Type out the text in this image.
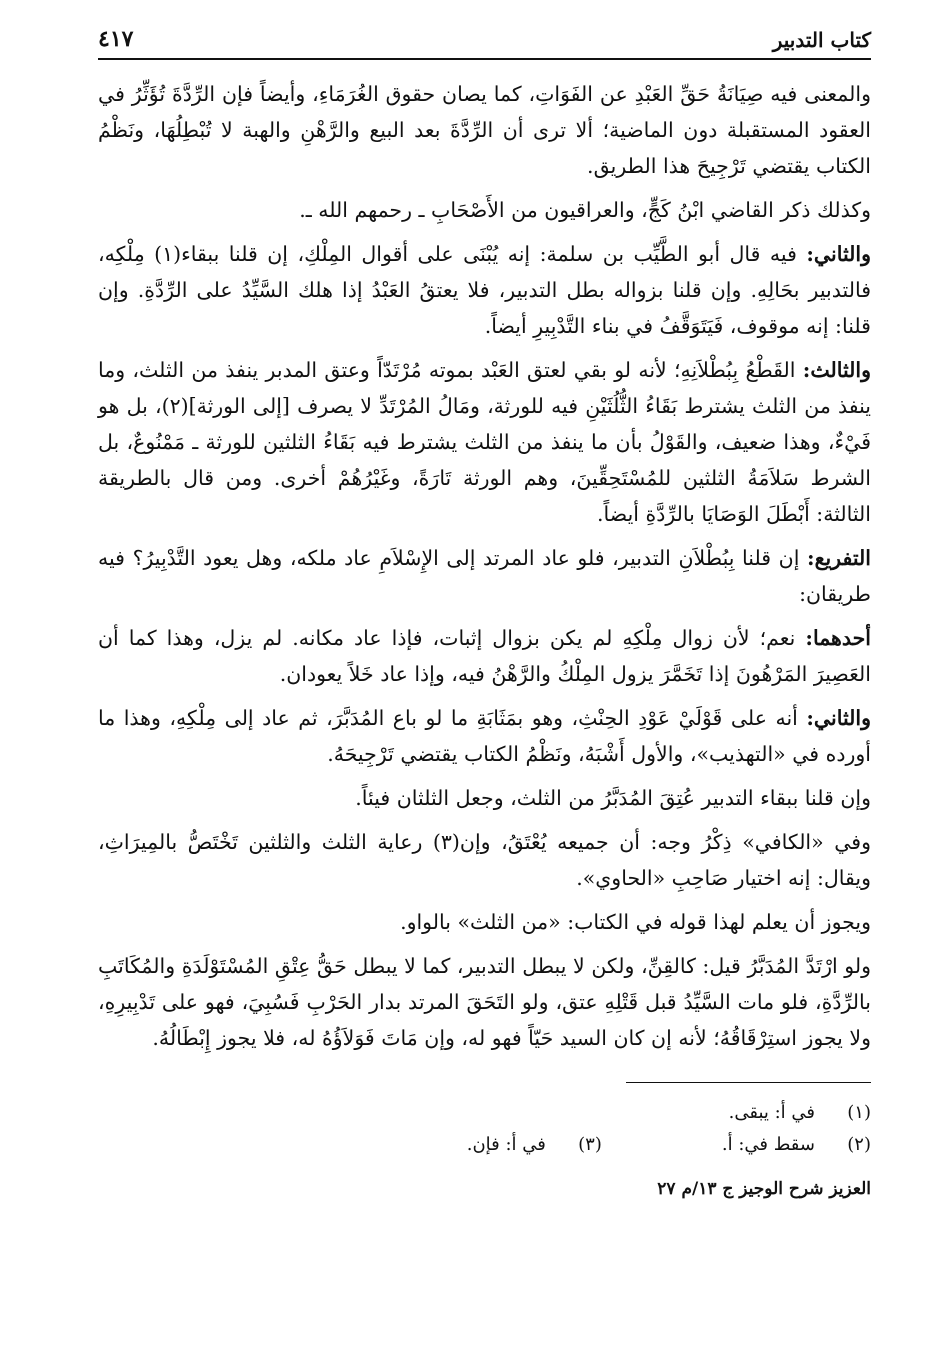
كتاب التدبير
٤١٧

والمعنى فيه صِيَانَةُ حَقِّ العَبْدِ عن الفَوَاتِ، كما يصان حقوق الغُرَمَاءِ، وأيضاً فإن الرِّدَّةَ تُؤَثِّرُ في العقود المستقبلة دون الماضية؛ ألا ترى أن الرِّدَّةَ بعد البيع والرَّهْنِ والهبة لا تُبْطِلُهَا، ونَظْمُ الكتاب يقتضي تَرْجِيحَ هذا الطريق.

وكذلك ذكر القاضي ابْنُ كَجٍّ، والعراقيون من الأَصْحَابِ ـ رحمهم الله ـ.

والثاني: فيه قال أبو الطَّيِّب بن سلمة: إنه يُبْنَى على أقوال المِلْكِ، إن قلنا ببقاء(١) مِلْكِه، فالتدبير بحَالِهِ. وإن قلنا بزواله بطل التدبير، فلا يعتقُ العَبْدُ إذا هلك السَّيِّدُ على الرِّدَّةِ. وإن قلنا: إنه موقوف، فَيَتَوَقَّفُ في بناء التَّدْبِيرِ أيضاً.

والثالث: القَطْعُ بِبُطْلاَنِهِ؛ لأنه لو بقي لعتق العَبْد بموته مُرْتَدّاً وعتق المدبر ينفذ من الثلث، وما ينفذ من الثلث يشترط بَقَاءُ الثُّلُثَيْنِ فيه للورثة، ومَالُ المُرْتَدِّ لا يصرف [إلى الورثة](٢)، بل هو فَيْءٌ، وهذا ضعيف، والقَوْلُ بأن ما ينفذ من الثلث يشترط فيه بَقَاءُ الثلثين للورثة ـ مَمْنُوعٌ، بل الشرط سَلاَمَةُ الثلثين للمُسْتَحِقِّينَ، وهم الورثة تَارَةً، وغَيْرُهُمْ أخرى. ومن قال بالطريقة الثالثة: أَبْطَلَ الوَصَايَا بالرِّدَّةِ أيضاً.

التفريع: إن قلنا بِبُطْلاَنِ التدبير، فلو عاد المرتد إلى الإِسْلاَمِ عاد ملكه، وهل يعود التَّدْبِيرُ؟ فيه طريقان:

أحدهما: نعم؛ لأن زوال مِلْكِهِ لم يكن بزوال إثبات، فإذا عاد مكانه. لم يزل، وهذا كما أن العَصِيرَ المَرْهُونَ إذا تَخَمَّرَ يزول المِلْكُ والرَّهْنُ فيه، وإذا عاد خَلاً يعودان.

والثاني: أنه على قَوْلَيْ عَوْدِ الحِنْثِ، وهو بمَثَابَةِ ما لو باع المُدَبَّرَ، ثم عاد إلى مِلْكِهِ، وهذا ما أورده في «التهذيب»، والأول أَشْبَهُ، ونَظْمُ الكتاب يقتضي تَرْجِيحَهُ.

وإن قلنا ببقاء التدبير عُتِقَ المُدَبَّرُ من الثلث، وجعل الثلثان فيئاً.

وفي «الكافي» ذِكْرُ وجه: أن جميعه يُعْتَقُ، وإن(٣) رعاية الثلث والثلثين تَخْتَصُّ بالمِيرَاثِ، ويقال: إنه اختيار صَاحِبِ «الحاوي».

ويجوز أن يعلم لهذا قوله في الكتاب: «من الثلث» بالواو.

ولو ارْتَدَّ المُدَبَّرُ قيل: كالقِنِّ، ولكن لا يبطل التدبير، كما لا يبطل حَقُّ عِتْقِ المُسْتَوْلَدَةِ والمُكَاتَبِ بالرِّدَّةِ، فلو مات السَّيِّدُ قبل قَتْلِهِ عتق، ولو التَحَقَ المرتد بدار الحَرْبِ فَسُبِيَ، فهو على تَدْبِيرِهِ، ولا يجوز استِرْقَاقُهُ؛ لأنه إن كان السيد حَيّاً فهو له، وإن مَاتَ فَوَلاَؤُهُ له، فلا يجوز إِبْطَالُهُ.

(١)
في أ: يبقى.
(٢)
سقط في: أ.
(٣)
في أ: فإن.
العزيز شرح الوجيز ج ١٣/م ٢٧
